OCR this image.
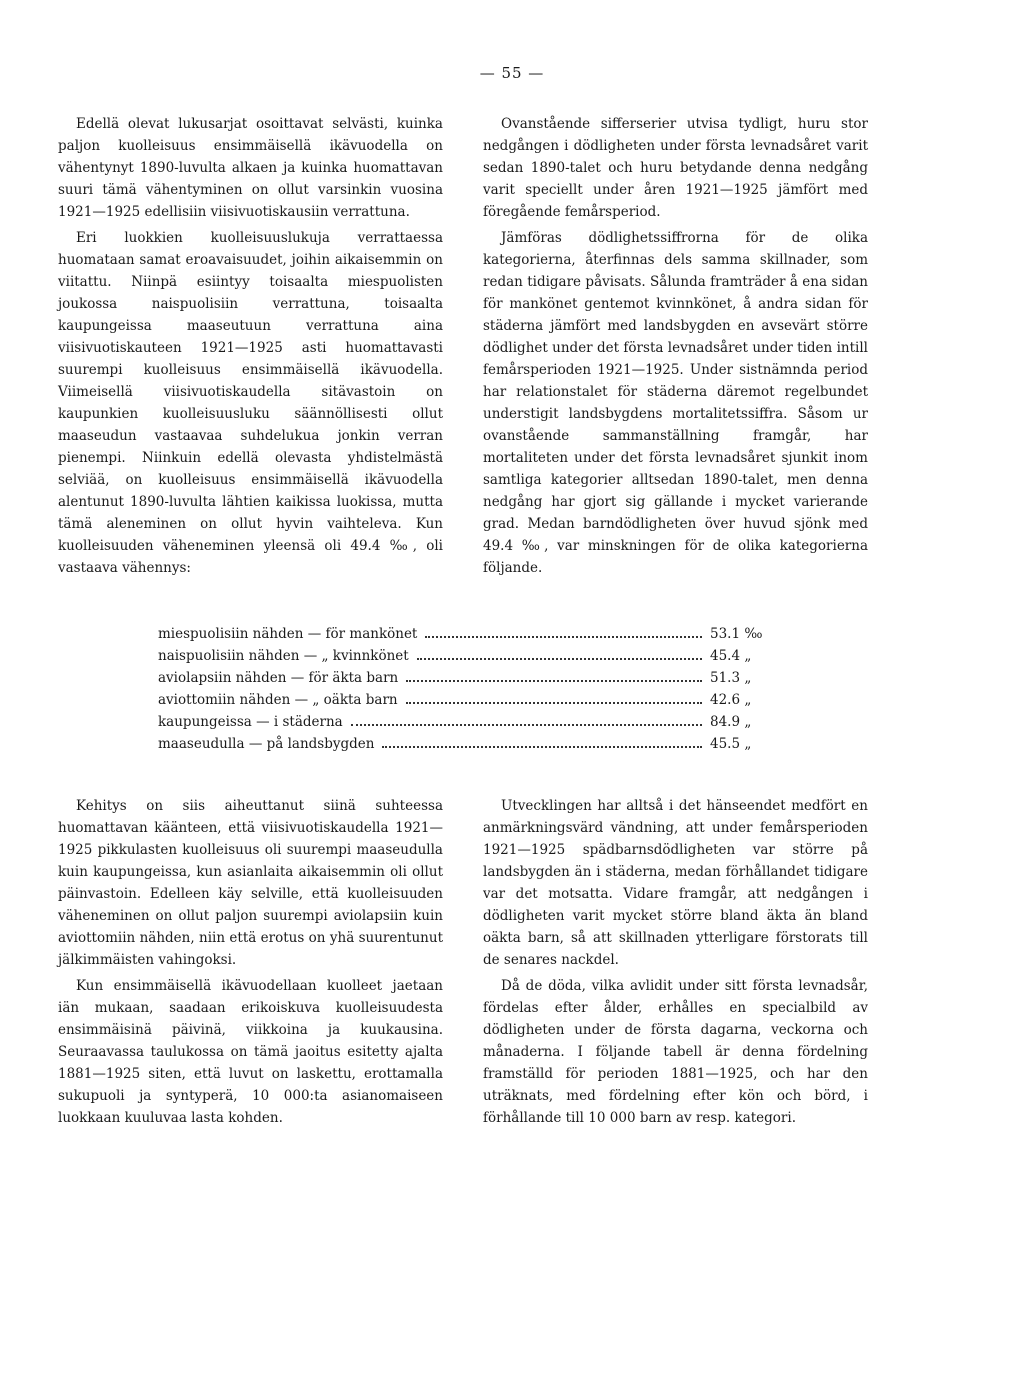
— 55 —

Edellä olevat lukusarjat osoittavat selvästi, kuinka paljon kuolleisuus ensimmäisellä ikävuodella on vähentynyt 1890-luvulta alkaen ja kuinka huomattavan suuri tämä vähentyminen on ollut varsinkin vuosina 1921—1925 edellisiin viisivuotiskausiin verrattuna.

Eri luokkien kuolleisuuslukuja verrattaessa huomataan samat eroavaisuudet, joihin aikaisemmin on viitattu. Niinpä esiintyy toisaalta miespuolisten joukossa naispuolisiin verrattuna, toisaalta kaupungeissa maaseutuun verrattuna aina viisivuotiskauteen 1921—1925 asti huomattavasti suurempi kuolleisuus ensimmäisellä ikävuodella. Viimeisellä viisivuotiskaudella sitävastoin on kaupunkien kuolleisuusluku säännöllisesti ollut maaseudun vastaavaa suhdelukua jonkin verran pienempi. Niinkuin edellä olevasta yhdistelmästä selviää, on kuolleisuus ensimmäisellä ikävuodella alentunut 1890-luvulta lähtien kaikissa luokissa, mutta tämä aleneminen on ollut hyvin vaihteleva. Kun kuolleisuuden väheneminen yleensä oli 49.4 ‰, oli vastaava vähennys:

Ovanstående sifferserier utvisa tydligt, huru stor nedgången i dödligheten under första levnadsåret varit sedan 1890-talet och huru betydande denna nedgång varit speciellt under åren 1921—1925 jämfört med föregående femårsperiod.

Jämföras dödlighetssiffrorna för de olika kategorierna, återfinnas dels samma skillnader, som redan tidigare påvisats. Sålunda framträder å ena sidan för mankönet gentemot kvinnkönet, å andra sidan för städerna jämfört med landsbygden en avsevärt större dödlighet under det första levnadsåret under tiden intill femårsperioden 1921—1925. Under sistnämnda period har relationstalet för städerna däremot regelbundet understigit landsbygdens mortalitetssiffra. Såsom ur ovanstående sammanställning framgår, har mortaliteten under det första levnadsåret sjunkit inom samtliga kategorier alltsedan 1890-talet, men denna nedgång har gjort sig gällande i mycket varierande grad. Medan barndödligheten över huvud sjönk med 49.4 ‰, var minskningen för de olika kategorierna följande.

miespuolisiin nähden — för mankönet	53.1 ‰
naispuolisiin nähden — „ kvinnkönet	45.4 „
aviolapsiin nähden — för äkta barn	51.3 „
aviottomiin nähden — „ oäkta barn	42.6 „
kaupungeissa — i städerna	84.9 „
maaseudulla — på landsbygden	45.5 „

Kehitys on siis aiheuttanut siinä suhteessa huomattavan käänteen, että viisivuotiskaudella 1921—1925 pikkulasten kuolleisuus oli suurempi maaseudulla kuin kaupungeissa, kun asianlaita aikaisemmin oli ollut päinvastoin. Edelleen käy selville, että kuolleisuuden väheneminen on ollut paljon suurempi aviolapsiin kuin aviottomiin nähden, niin että erotus on yhä suurentunut jälkimmäisten vahingoksi.

Kun ensimmäisellä ikävuodellaan kuolleet jaetaan iän mukaan, saadaan erikoiskuva kuolleisuudesta ensimmäisinä päivinä, viikkoina ja kuukausina. Seuraavassa taulukossa on tämä jaoitus esitetty ajalta 1881—1925 siten, että luvut on laskettu, erottamalla sukupuoli ja syntyperä, 10 000:ta asianomaiseen luokkaan kuuluvaa lasta kohden.

Utvecklingen har alltså i det hänseendet medfört en anmärkningsvärd vändning, att under femårsperioden 1921—1925 spädbarnsdödligheten var större på landsbygden än i städerna, medan förhållandet tidigare var det motsatta. Vidare framgår, att nedgången i dödligheten varit mycket större bland äkta än bland oäkta barn, så att skillnaden ytterligare förstorats till de senares nackdel.

Då de döda, vilka avlidit under sitt första levnadsår, fördelas efter ålder, erhålles en specialbild av dödligheten under de första dagarna, veckorna och månaderna. I följande tabell är denna fördelning framställd för perioden 1881—1925, och har den uträknats, med fördelning efter kön och börd, i förhållande till 10 000 barn av resp. kategori.
